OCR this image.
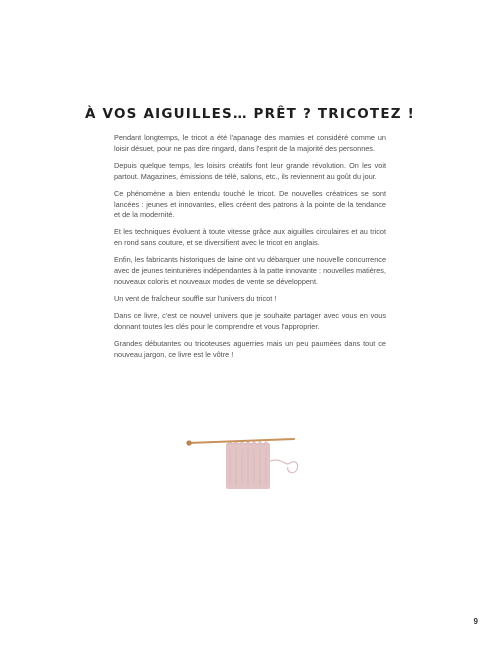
À VOS AIGUILLES… PRÊT ? TRICOTEZ !

Pendant longtemps, le tricot a été l'apanage des mamies et considéré comme un loisir désuet, pour ne pas dire ringard, dans l'esprit de la majorité des personnes.

Depuis quelque temps, les loisirs créatifs font leur grande révolution. On les voit partout. Magazines, émissions de télé, salons, etc., ils reviennent au goût du jour.

Ce phénomène a bien entendu touché le tricot. De nouvelles créatrices se sont lancées : jeunes et innovantes, elles créent des patrons à la pointe de la tendance et de la modernité.

Et les techniques évoluent à toute vitesse grâce aux aiguilles circulaires et au tricot en rond sans couture, et se diversifient avec le tricot en anglais.

Enfin, les fabricants historiques de laine ont vu débarquer une nouvelle concurrence avec de jeunes teinturières indépendantes à la patte innovante : nouvelles matières, nouveaux coloris et nouveaux modes de vente se développent.

Un vent de fraîcheur souffle sur l'univers du tricot !

Dans ce livre, c'est ce nouvel univers que je souhaite partager avec vous en vous donnant toutes les clés pour le comprendre et vous l'approprier.

Grandes débutantes ou tricoteuses aguerries mais un peu paumées dans tout ce nouveau jargon, ce livre est le vôtre !

9
